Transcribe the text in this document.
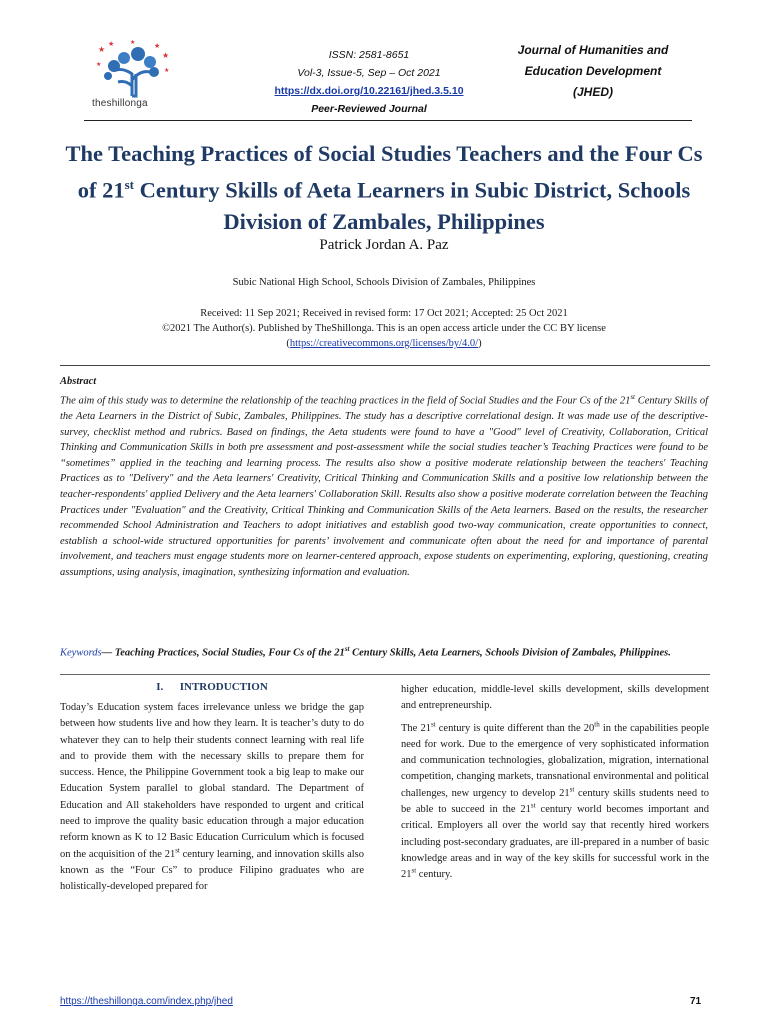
★
★	★	★
★
★
★
theshillonga
ISSN: 2581-8651
Vol-3, Issue-5, Sep – Oct 2021
https://dx.doi.org/10.22161/jhed.3.5.10
Peer-Reviewed Journal
Journal of Humanities and
Education Development
(JHED)
The Teaching Practices of Social Studies Teachers and the Four Cs of 21st Century Skills of Aeta Learners in Subic District, Schools Division of Zambales, Philippines
Patrick Jordan A. Paz
Subic National High School, Schools Division of Zambales, Philippines
Received: 11 Sep 2021; Received in revised form: 17 Oct 2021; Accepted: 25 Oct 2021
©2021 The Author(s). Published by TheShillonga. This is an open access article under the CC BY license
(https://creativecommons.org/licenses/by/4.0/)
Abstract
The aim of this study was to determine the relationship of the teaching practices in the field of Social Studies and the Four Cs of the 21st Century Skills of the Aeta Learners in the District of Subic, Zambales, Philippines. The study has a descriptive correlational design. It was made use of the descriptive-survey, checklist method and rubrics. Based on findings, the Aeta students were found to have a "Good" level of Creativity, Collaboration, Critical Thinking and Communication Skills in both pre assessment and post-assessment while the social studies teacher’s Teaching Practices were found to be “sometimes” applied in the teaching and learning process. The results also show a positive moderate relationship between the teachers' Teaching Practices as to "Delivery" and the Aeta learners' Creativity, Critical Thinking and Communication Skills and a positive low relationship between the teacher-respondents' applied Delivery and the Aeta learners' Collaboration Skill. Results also show a positive moderate correlation between the Teaching Practices under "Evaluation" and the Creativity, Critical Thinking and Communication Skills of the Aeta learners. Based on the results, the researcher recommended School Administration and Teachers to adopt initiatives and establish good two-way communication, create opportunities to connect, establish a school-wide structured opportunities for parents’ involvement and communicate often about the need for and importance of parental involvement, and teachers must engage students more on learner-centered approach, expose students on experimenting, exploring, questioning, creating assumptions, using analysis, imagination, synthesizing information and evaluation.
Keywords— Teaching Practices, Social Studies, Four Cs of the 21st Century Skills, Aeta Learners, Schools Division of Zambales, Philippines.
I. INTRODUCTION

Today’s Education system faces irrelevance unless we bridge the gap between how students live and how they learn. It is teacher’s duty to do whatever they can to help their students connect learning with real life and to provide them with the necessary skills to prepare them for success. Hence, the Philippine Government took a big leap to make our Education System parallel to global standard. The Department of Education and All stakeholders have responded to urgent and critical need to improve the quality basic education through a major education reform known as K to 12 Basic Education Curriculum which is focused on the acquisition of the 21st century learning, and innovation skills also known as the “Four Cs” to produce Filipino graduates who are holistically-developed prepared for

higher education, middle-level skills development, skills development and entrepreneurship.

The 21st century is quite different than the 20th in the capabilities people need for work. Due to the emergence of very sophisticated information and communication technologies, globalization, migration, international competition, changing markets, transnational environmental and political challenges, new urgency to develop 21st century skills students need to be able to succeed in the 21st century world becomes important and critical. Employers all over the world say that recently hired workers including post-secondary graduates, are ill-prepared in a number of basic knowledge areas and in way of the key skills for successful work in the 21st century.

https://theshillonga.com/index.php/jhed	71
